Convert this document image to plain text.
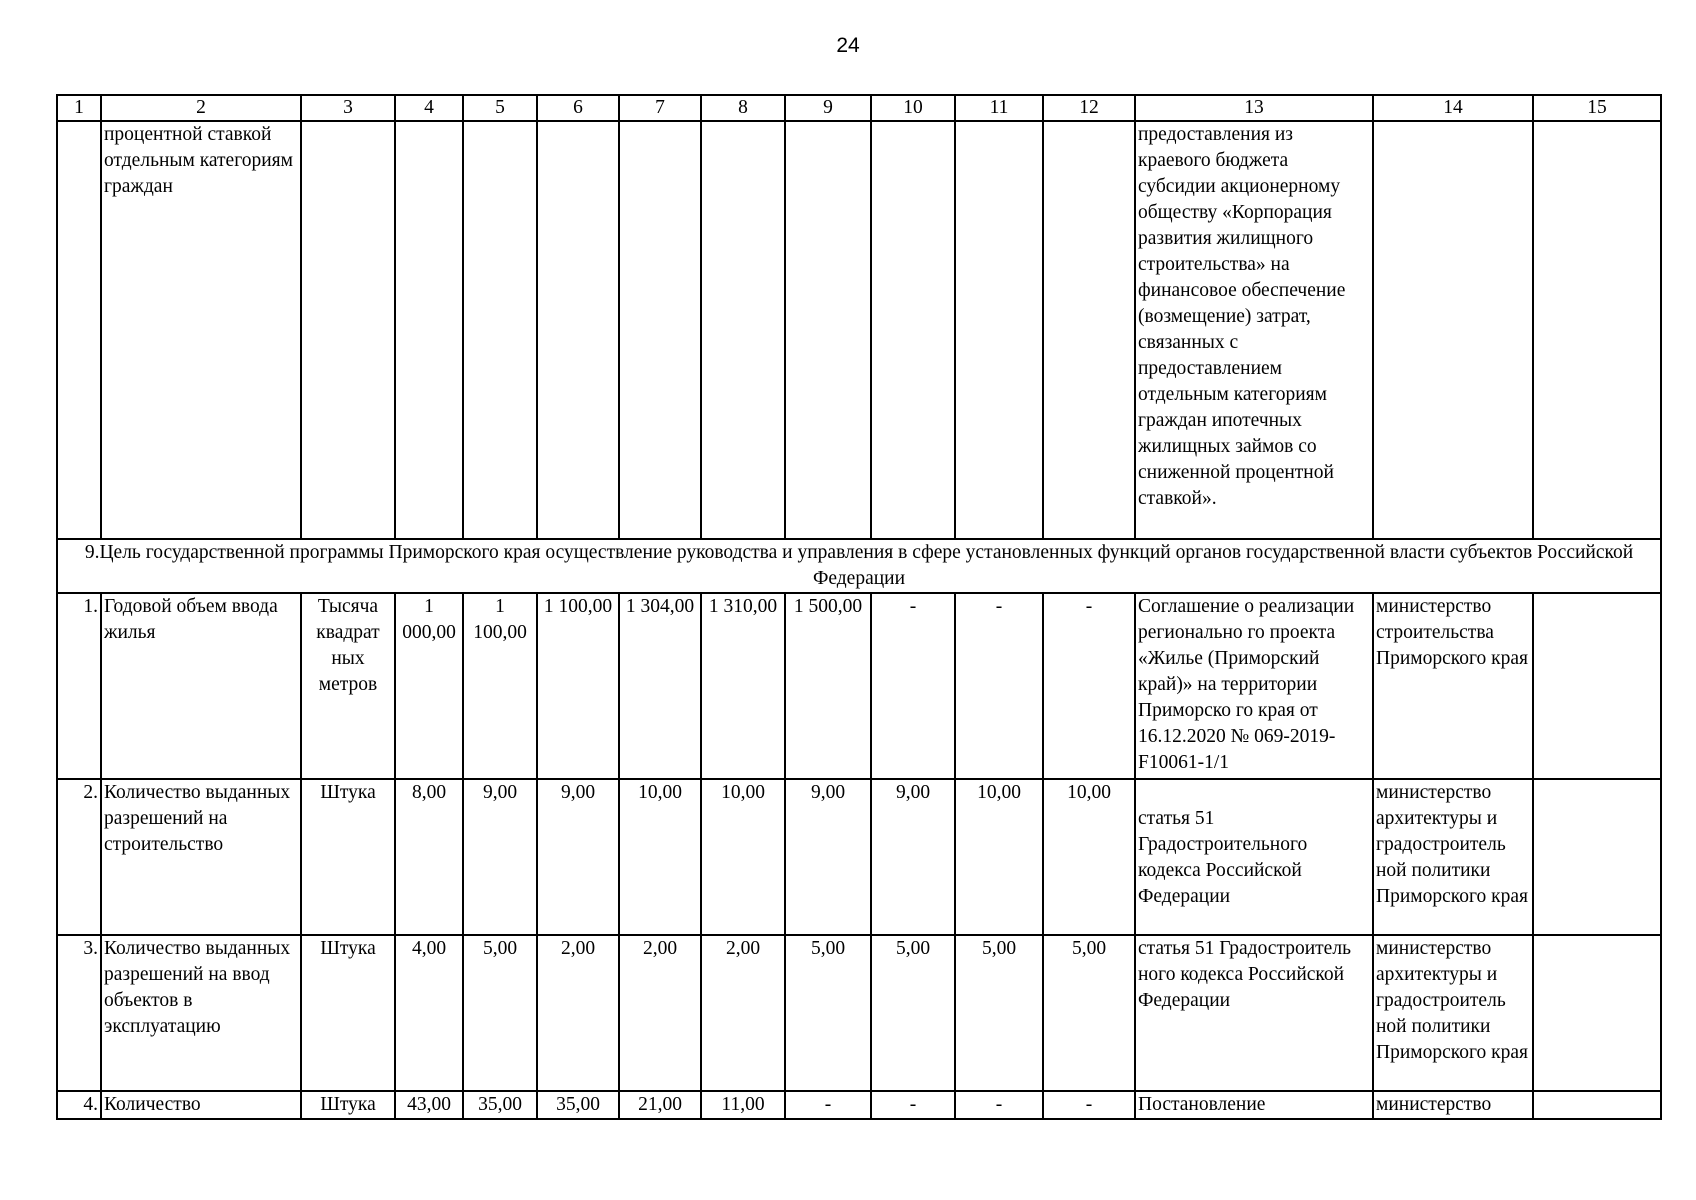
24
1	2	3	4	5	6	7	8	9	10	11	12	13	14	15
	процентной ставкой отдельным категориям граждан											предоставления из краевого бюджета субсидии акционерному обществу «Корпорация развития жилищного строительства» на финансовое обеспечение (возмещение) затрат, связанных с предоставлением отдельным категориям граждан ипотечных жилищных займов со сниженной процентной ставкой».		
9.Цель государственной программы Приморского края осуществление руководства и управления в сфере установленных функций органов государственной власти субъектов Российской Федерации														
1.	Годовой объем ввода жилья	Тысяча квадрат ных метров	1 000,00	1 100,00	1 100,00	1 304,00	1 310,00	1 500,00	-	-	-	Соглашение о реализации регионально го проекта «Жилье (Приморский край)» на территории Приморско го края от 16.12.2020 № 069-2019-F10061-1/1	министерство строительства Приморского края	
2.	Количество выданных разрешений на строительство	Штука	8,00	9,00	9,00	10,00	10,00	9,00	9,00	10,00	10,00	статья 51 Градостроительного кодекса Российской Федерации	министерство архитектуры и градостроитель ной политики Приморского края	
3.	Количество выданных разрешений на ввод объектов в эксплуатацию	Штука	4,00	5,00	2,00	2,00	2,00	5,00	5,00	5,00	5,00	статья 51 Градостроитель ного кодекса Российской Федерации	министерство архитектуры и градостроитель ной политики Приморского края	
4.	Количество	Штука	43,00	35,00	35,00	21,00	11,00	-	-	-	-	Постановление	министерство	
